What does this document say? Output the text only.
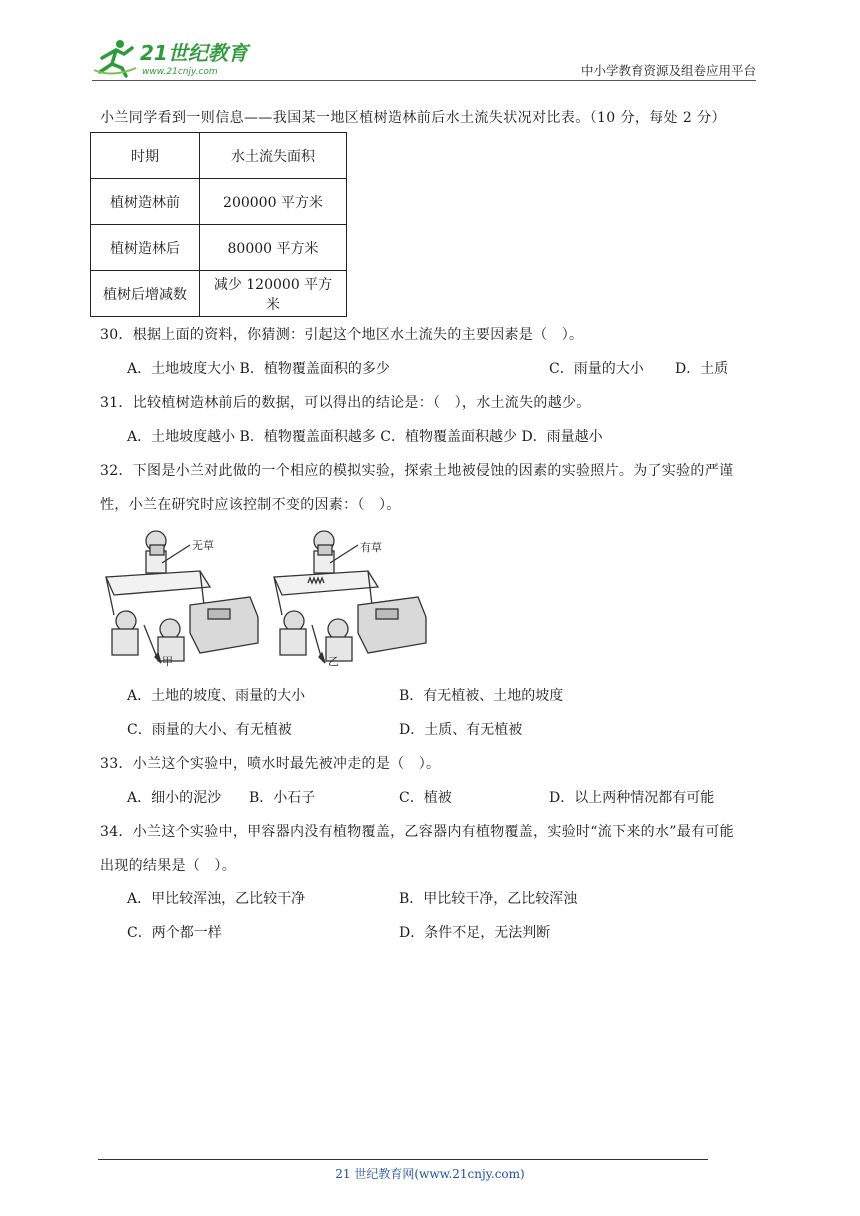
21世纪教育
www.21cnjy.com	中小学教育资源及组卷应用平台
小兰同学看到一则信息——我国某一地区植树造林前后水土流失状况对比表。（10 分，每处 2 分）
时期	水土流失面积
植树造林前	200000 平方米
植树造林后	80000 平方米
植树后增减数	减少 120000 平方米
30．根据上面的资料，你猜测：引起这个地区水土流失的主要因素是（　）。
A．土地坡度大小 B．植物覆盖面积的多少	C．雨量的大小 D．土质
31．比较植树造林前后的数据，可以得出的结论是：（　），水土流失的越少。
A．土地坡度越小 B．植物覆盖面积越多 C．植物覆盖面积越少 D．雨量越小
32．下图是小兰对此做的一个相应的模拟实验，探索土地被侵蚀的因素的实验照片。为了实验的严谨
性，小兰在研究时应该控制不变的因素：（　）。
无草
甲
有草
乙
A．土地的坡度、雨量的大小	B．有无植被、土地的坡度
C．雨量的大小、有无植被	D．土质、有无植被
33．小兰这个实验中，喷水时最先被冲走的是（　）。
A．细小的泥沙 B．小石子	C．植被	D．以上两种情况都有可能
34．小兰这个实验中，甲容器内没有植物覆盖，乙容器内有植物覆盖，实验时“流下来的水”最有可能
出现的结果是（　）。
A．甲比较浑浊，乙比较干净	B．甲比较干净，乙比较浑浊
C．两个都一样	D．条件不足，无法判断
21 世纪教育网(www.21cnjy.com)
